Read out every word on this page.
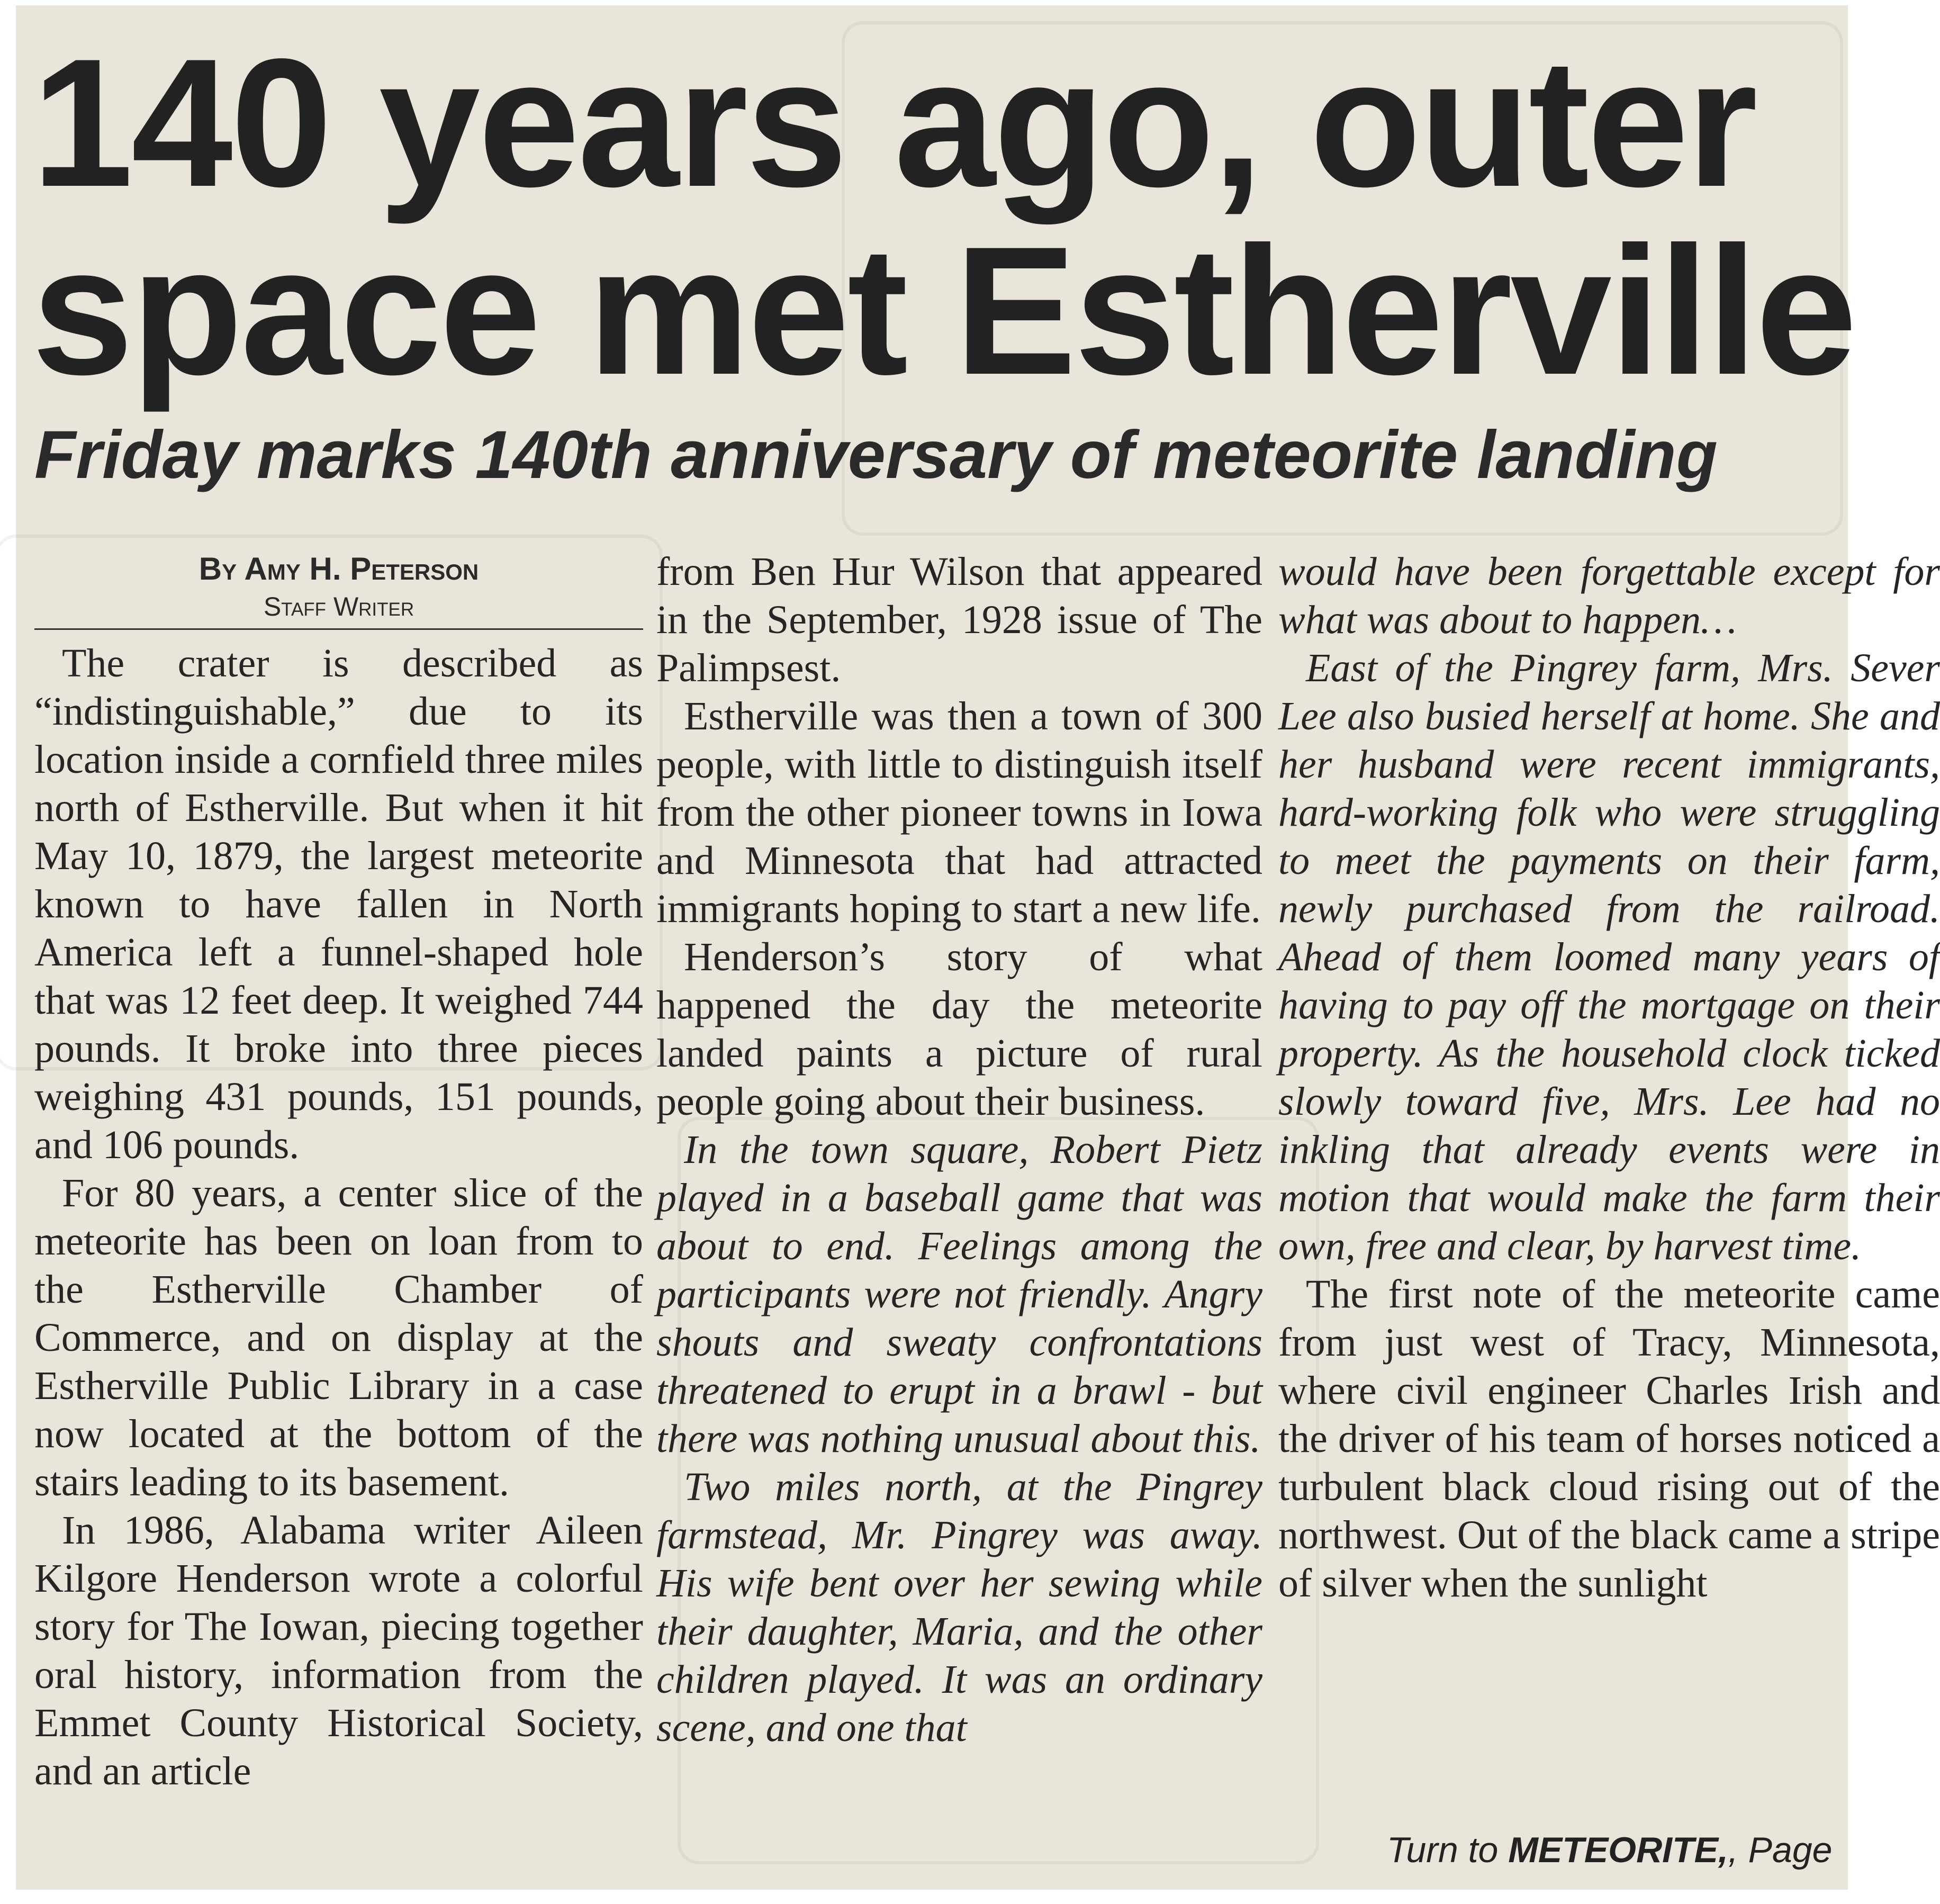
140 years ago, outer
space met Estherville
Friday marks 140th anniversary of meteorite landing
By Amy H. Peterson
Staff Writer

The crater is described as “indistinguishable,” due to its location inside a cornfield three miles north of Estherville. But when it hit May 10, 1879, the largest meteorite known to have fallen in North America left a funnel-shaped hole that was 12 feet deep. It weighed 744 pounds. It broke into three pieces weighing 431 pounds, 151 pounds, and 106 pounds.

For 80 years, a center slice of the meteorite has been on loan from to the Estherville Chamber of Commerce, and on display at the Estherville Public Library in a case now located at the bottom of the stairs leading to its basement.

In 1986, Alabama writer Aileen Kilgore Henderson wrote a colorful story for The Iowan, piecing together oral history, information from the Emmet County Historical Society, and an article

from Ben Hur Wilson that appeared in the September, 1928 issue of The Palimpsest.

Estherville was then a town of 300 people, with little to distinguish itself from the other pioneer towns in Iowa and Minnesota that had attracted immigrants hoping to start a new life.

Henderson’s story of what happened the day the meteorite landed paints a picture of rural people going about their business.

In the town square, Robert Pietz played in a baseball game that was about to end. Feelings among the participants were not friendly. Angry shouts and sweaty confrontations threatened to erupt in a brawl - but there was nothing unusual about this.

Two miles north, at the Pingrey farmstead, Mr. Pingrey was away. His wife bent over her sewing while their daughter, Maria, and the other children played. It was an ordinary scene, and one that

would have been forgettable except for what was about to happen…

East of the Pingrey farm, Mrs. Sever Lee also busied herself at home. She and her husband were recent immigrants, hard-working folk who were struggling to meet the payments on their farm, newly purchased from the railroad. Ahead of them loomed many years of having to pay off the mortgage on their property. As the household clock ticked slowly toward five, Mrs. Lee had no inkling that already events were in motion that would make the farm their own, free and clear, by harvest time.

The first note of the meteorite came from just west of Tracy, Minnesota, where civil engineer Charles Irish and the driver of his team of horses noticed a turbulent black cloud rising out of the northwest. Out of the black came a stripe of silver when the sunlight

Turn to METEORITE,, Page
